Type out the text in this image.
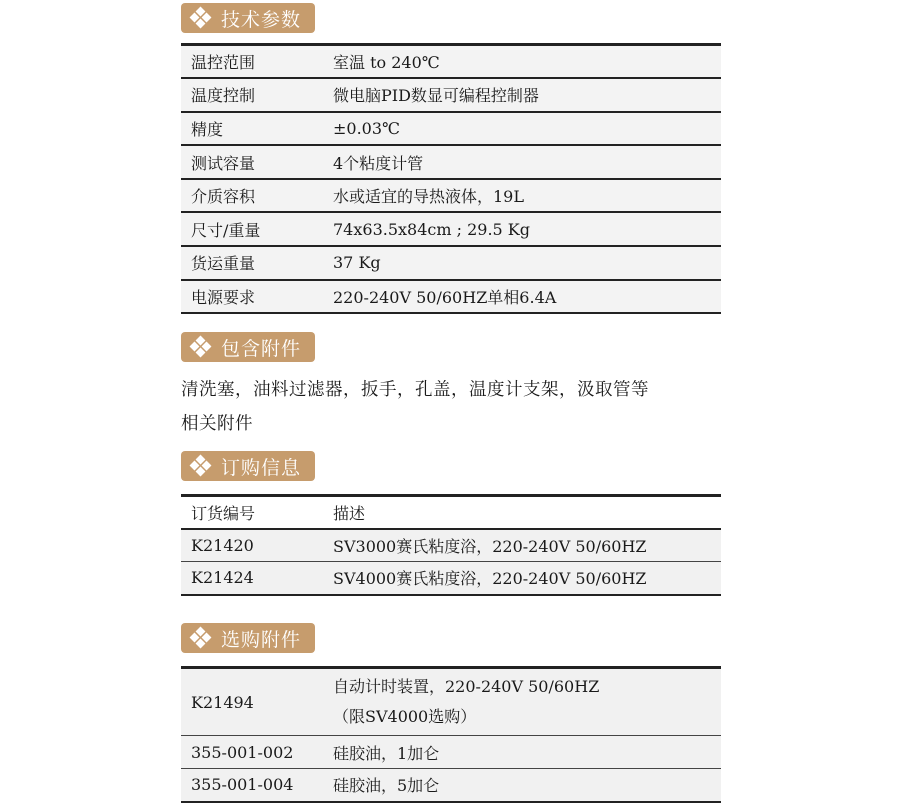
技术参数
温控范围	室温 to 240℃
温度控制	微电脑PID数显可编程控制器
精度	±0.03℃
测试容量	4个粘度计管
介质容积	水或适宜的导热液体，19L
尺寸/重量	74x63.5x84cm ; 29.5 Kg
货运重量	37 Kg
电源要求	220-240V 50/60HZ单相6.4A
包含附件
清洗塞，油料过滤器，扳手，孔盖，温度计支架，汲取管等
相关附件
订购信息
订货编号	描述
K21420	SV3000赛氏粘度浴，220-240V 50/60HZ
K21424	SV4000赛氏粘度浴，220-240V 50/60HZ
选购附件
K21494	自动计时装置，220-240V 50/60HZ
（限SV4000选购）

355-001-002	硅胶油，1加仑
355-001-004	硅胶油，5加仑
